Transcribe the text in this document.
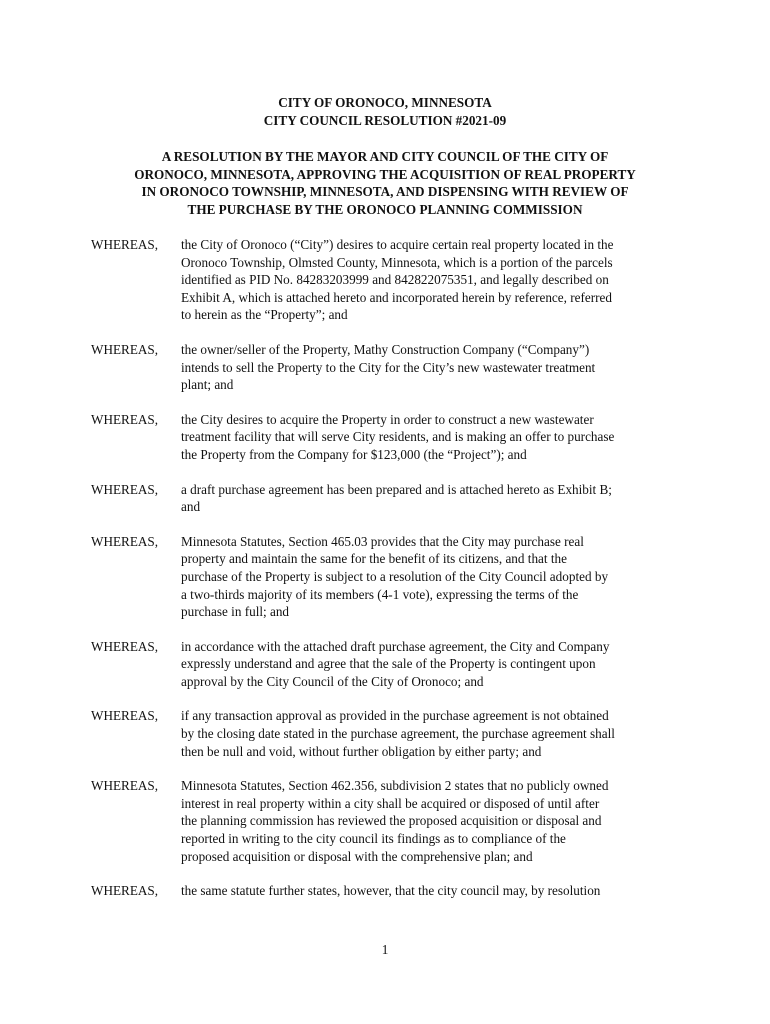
CITY OF ORONOCO, MINNESOTA
CITY COUNCIL RESOLUTION #2021-09
A RESOLUTION BY THE MAYOR AND CITY COUNCIL OF THE CITY OF
ORONOCO, MINNESOTA, APPROVING THE ACQUISITION OF REAL PROPERTY
IN ORONOCO TOWNSHIP, MINNESOTA, AND DISPENSING WITH REVIEW OF
THE PURCHASE BY THE ORONOCO PLANNING COMMISSION
WHEREAS,	the City of Oronoco (“City”) desires to acquire certain real property located in the
Oronoco Township, Olmsted County, Minnesota, which is a portion of the parcels
identified as PID No. 84283203999 and 842822075351, and legally described on
Exhibit A, which is attached hereto and incorporated herein by reference, referred
to herein as the “Property”; and
WHEREAS,	the owner/seller of the Property, Mathy Construction Company (“Company”)
intends to sell the Property to the City for the City’s new wastewater treatment
plant; and
WHEREAS,	the City desires to acquire the Property in order to construct a new wastewater
treatment facility that will serve City residents, and is making an offer to purchase
the Property from the Company for $123,000 (the “Project”); and
WHEREAS,	a draft purchase agreement has been prepared and is attached hereto as Exhibit B;
and
WHEREAS,	Minnesota Statutes, Section 465.03 provides that the City may purchase real
property and maintain the same for the benefit of its citizens, and that the
purchase of the Property is subject to a resolution of the City Council adopted by
a two-thirds majority of its members (4-1 vote), expressing the terms of the
purchase in full; and
WHEREAS,	in accordance with the attached draft purchase agreement, the City and Company
expressly understand and agree that the sale of the Property is contingent upon
approval by the City Council of the City of Oronoco; and
WHEREAS,	if any transaction approval as provided in the purchase agreement is not obtained
by the closing date stated in the purchase agreement, the purchase agreement shall
then be null and void, without further obligation by either party; and
WHEREAS,	Minnesota Statutes, Section 462.356, subdivision 2 states that no publicly owned
interest in real property within a city shall be acquired or disposed of until after
the planning commission has reviewed the proposed acquisition or disposal and
reported in writing to the city council its findings as to compliance of the
proposed acquisition or disposal with the comprehensive plan; and
WHEREAS,	the same statute further states, however, that the city council may, by resolution
1
